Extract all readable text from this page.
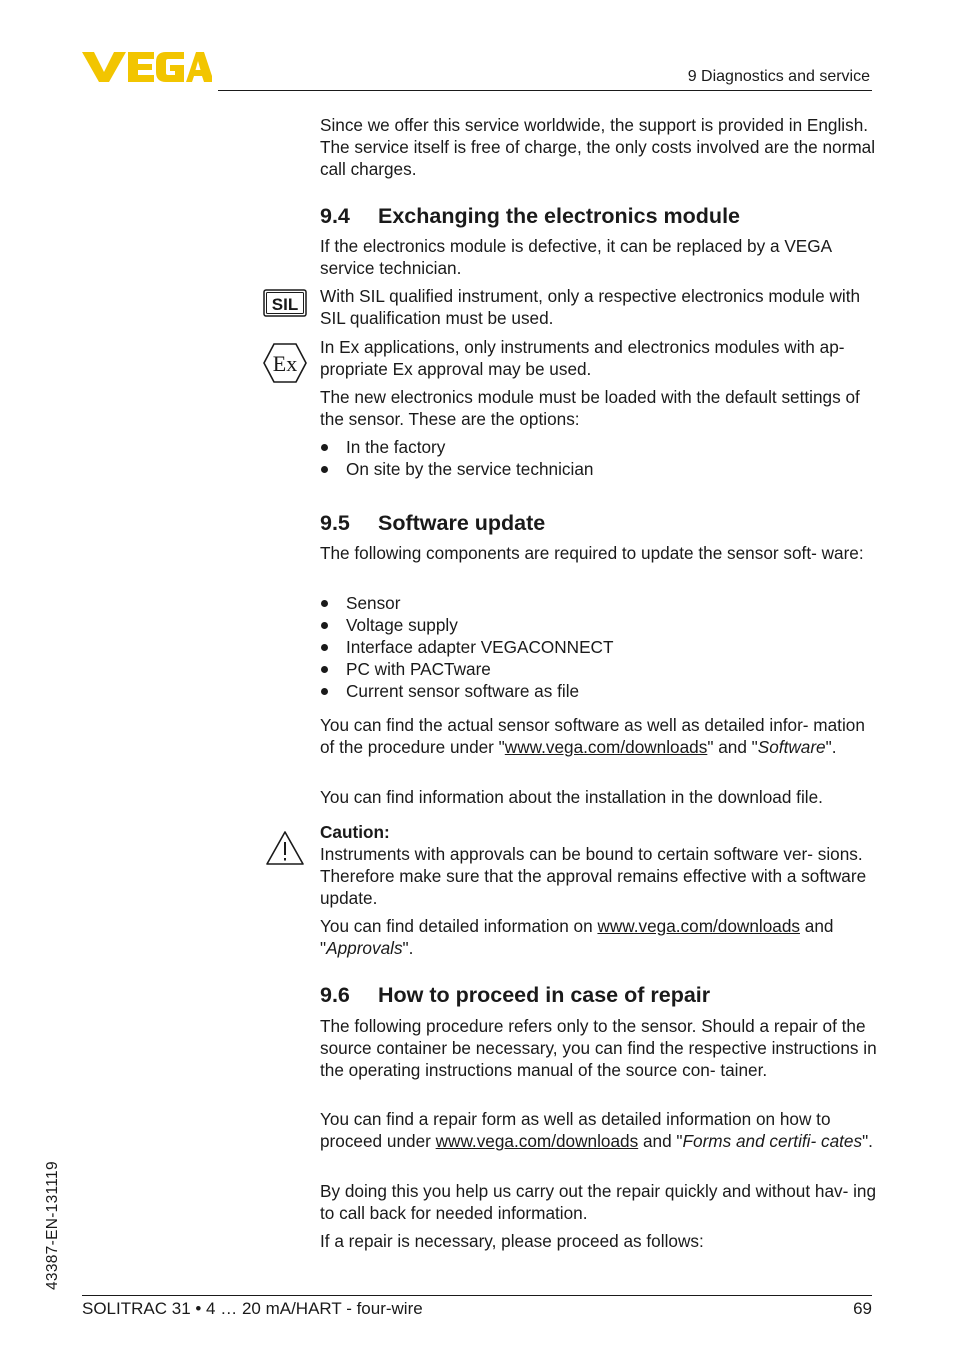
9 Diagnostics and service

Since we offer this service worldwide, the support is provided in English. The service itself is free of charge, the only costs involved are the normal call charges.

9.4 Exchanging the electronics module

If the electronics module is defective, it can be replaced by a VEGA service technician.

SIL With SIL qualified instrument, only a respective electronics module with SIL qualification must be used.

Ex

In Ex applications, only instruments and electronics modules with ap- propriate Ex approval may be used.

The new electronics module must be loaded with the default settings of the sensor. These are the options:

In the factory
On site by the service technician
9.5 Software update

The following components are required to update the sensor soft- ware:

Sensor
Voltage supply
Interface adapter VEGACONNECT
PC with PACTware
Current sensor software as file

You can find the actual sensor software as well as detailed infor- mation of the procedure under "www.vega.com/downloads" and "Software".

You can find information about the installation in the download file.

Caution:

Instruments with approvals can be bound to certain software ver- sions. Therefore make sure that the approval remains effective with a software update.

You can find detailed information on www.vega.com/downloads and "Approvals".

9.6 How to proceed in case of repair

The following procedure refers only to the sensor. Should a repair of the source container be necessary, you can find the respective instructions in the operating instructions manual of the source con- tainer.

You can find a repair form as well as detailed information on how to proceed under www.vega.com/downloads and "Forms and certifi- cates".

By doing this you help us carry out the repair quickly and without hav- ing to call back for needed information.

If a repair is necessary, please proceed as follows:

43387-EN-131119
SOLITRAC 31 • 4 … 20 mA/HART - four-wire	69
